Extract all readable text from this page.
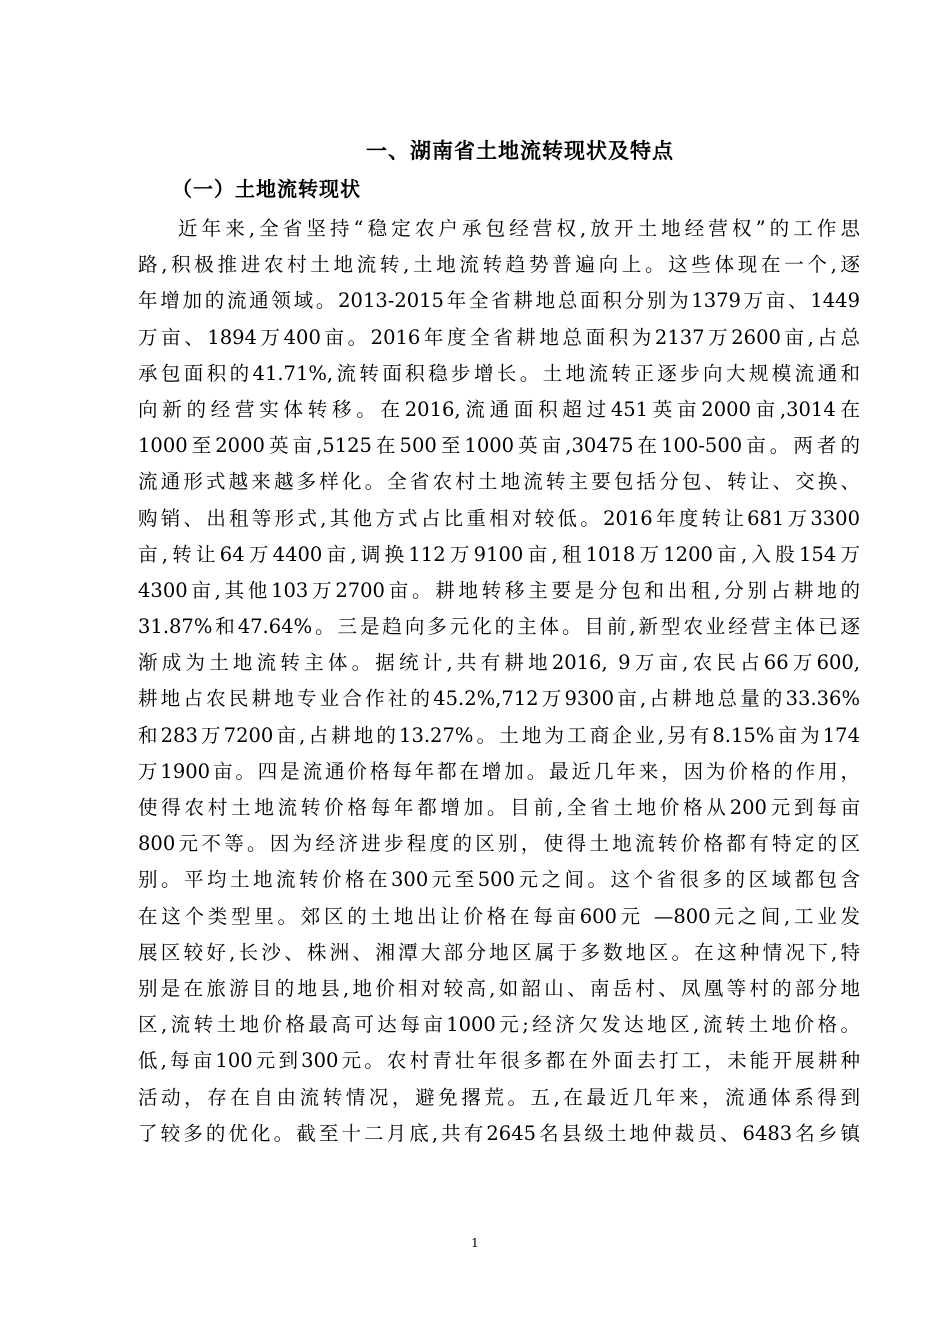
一、湖南省土地流转现状及特点
（一）土地流转现状
近年来,全省坚持“稳定农户承包经营权,放开土地经营权”的工作思
路,积极推进农村土地流转,土地流转趋势普遍向上。这些体现在一个,逐
年增加的流通领域。2013-2015年全省耕地总面积分别为1379万亩、1449
万亩、1894万400亩。2016年度全省耕地总面积为2137万2600亩,占总
承包面积的41.71%,流转面积稳步增长。土地流转正逐步向大规模流通和
向新的经营实体转移。在2016,流通面积超过451英亩2000亩,3014在
1000至2000英亩,5125在500至1000英亩,30475在100-500亩。两者的
流通形式越来越多样化。全省农村土地流转主要包括分包、转让、交换、
购销、出租等形式,其他方式占比重相对较低。2016年度转让681万3300
亩,转让64万4400亩,调换112万9100亩,租1018万1200亩,入股154万
4300亩,其他103万2700亩。耕地转移主要是分包和出租,分别占耕地的
31.87%和47.64%。三是趋向多元化的主体。目前,新型农业经营主体已逐
渐成为土地流转主体。据统计,共有耕地2016, 9万亩,农民占66万600,
耕地占农民耕地专业合作社的45.2%,712万9300亩,占耕地总量的33.36%
和283万7200亩,占耕地的13.27%。土地为工商企业,另有8.15%亩为174
万1900亩。四是流通价格每年都在增加。最近几年来，因为价格的作用，
使得农村土地流转价格每年都增加。目前,全省土地价格从200元到每亩
800元不等。因为经济进步程度的区别，使得土地流转价格都有特定的区
别。平均土地流转价格在300元至500元之间。这个省很多的区域都包含
在这个类型里。郊区的土地出让价格在每亩600元 —800元之间,工业发
展区较好,长沙、株洲、湘潭大部分地区属于多数地区。在这种情况下,特
别是在旅游目的地县,地价相对较高,如韶山、南岳村、凤凰等村的部分地
区,流转土地价格最高可达每亩1000元;经济欠发达地区,流转土地价格。
低,每亩100元到300元。农村青壮年很多都在外面去打工，未能开展耕种
活动，存在自由流转情况，避免撂荒。五,在最近几年来，流通体系得到
了较多的优化。截至十二月底,共有2645名县级土地仲裁员、6483名乡镇
1
